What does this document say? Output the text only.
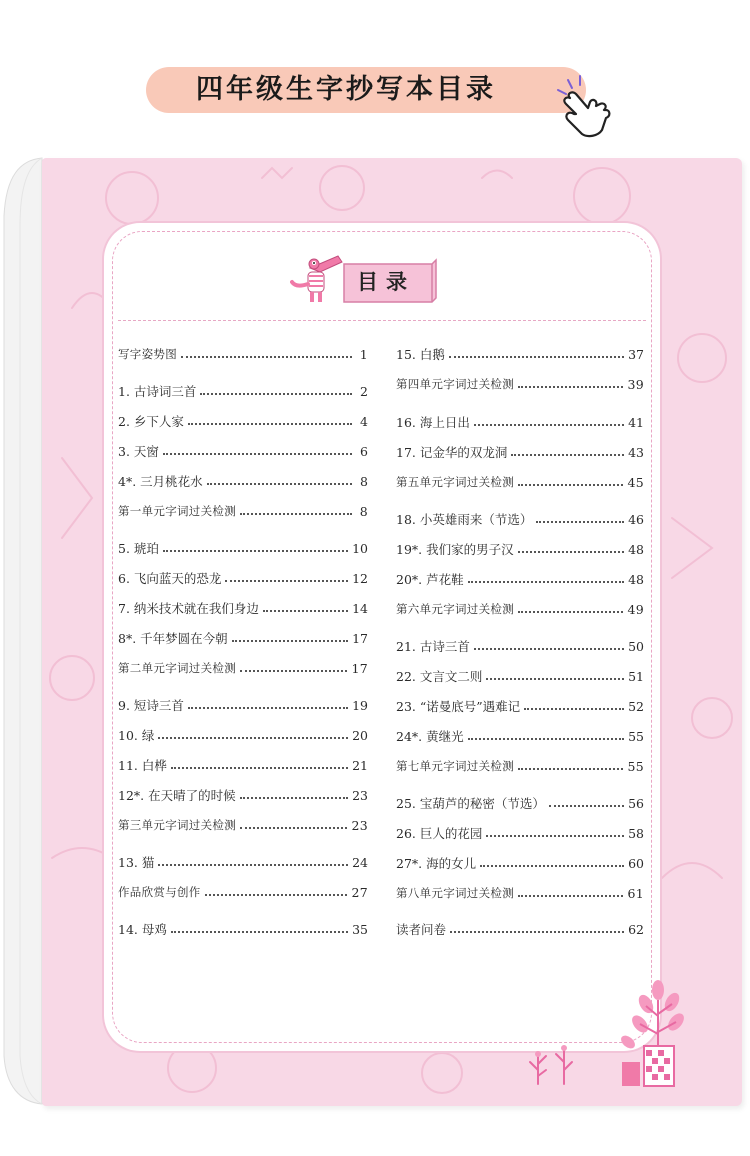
四年级生字抄写本目录
目录
写字姿势图	1
1. 古诗词三首	2
2. 乡下人家	4
3. 天窗	6
4*. 三月桃花水	8
第一单元字词过关检测	8
5. 琥珀	10
6. 飞向蓝天的恐龙	12
7. 纳米技术就在我们身边	14
8*. 千年梦圆在今朝	17
第二单元字词过关检测	17
9. 短诗三首	19
10. 绿	20
11. 白桦	21
12*. 在天晴了的时候	23
第三单元字词过关检测	23
13. 猫	24
作品欣赏与创作	27
14. 母鸡	35
15. 白鹅	37
第四单元字词过关检测	39
16. 海上日出	41
17. 记金华的双龙洞	43
第五单元字词过关检测	45
18. 小英雄雨来（节选）	46
19*. 我们家的男子汉	48
20*. 芦花鞋	48
第六单元字词过关检测	49
21. 古诗三首	50
22. 文言文二则	51
23. “诺曼底号”遇难记	52
24*. 黄继光	55
第七单元字词过关检测	55
25. 宝葫芦的秘密（节选）	56
26. 巨人的花园	58
27*. 海的女儿	60
第八单元字词过关检测	61
读者问卷	62
